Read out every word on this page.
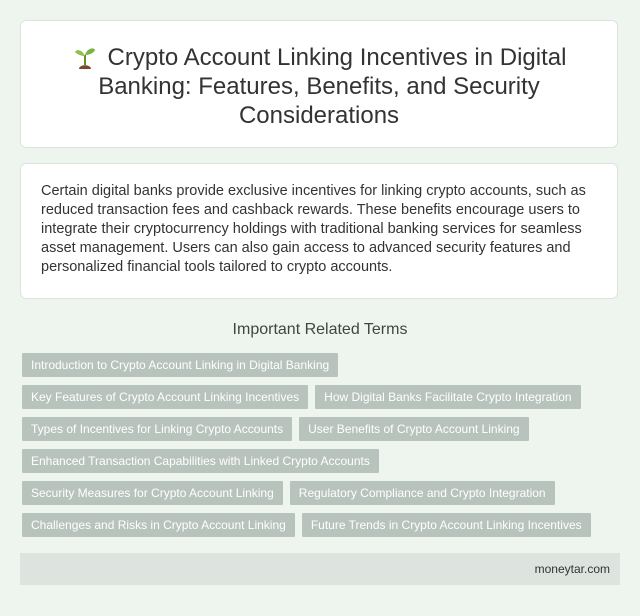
Crypto Account Linking Incentives in Digital Banking: Features, Benefits, and Security Considerations

Certain digital banks provide exclusive incentives for linking crypto accounts, such as reduced transaction fees and cashback rewards. These benefits encourage users to integrate their cryptocurrency holdings with traditional banking services for seamless asset management. Users can also gain access to advanced security features and personalized financial tools tailored to crypto accounts.

Important Related Terms
Introduction to Crypto Account Linking in Digital Banking
Key Features of Crypto Account Linking Incentives How Digital Banks Facilitate Crypto Integration
Types of Incentives for Linking Crypto Accounts User Benefits of Crypto Account Linking
Enhanced Transaction Capabilities with Linked Crypto Accounts
Security Measures for Crypto Account Linking Regulatory Compliance and Crypto Integration
Challenges and Risks in Crypto Account Linking Future Trends in Crypto Account Linking Incentives
moneytar.com
